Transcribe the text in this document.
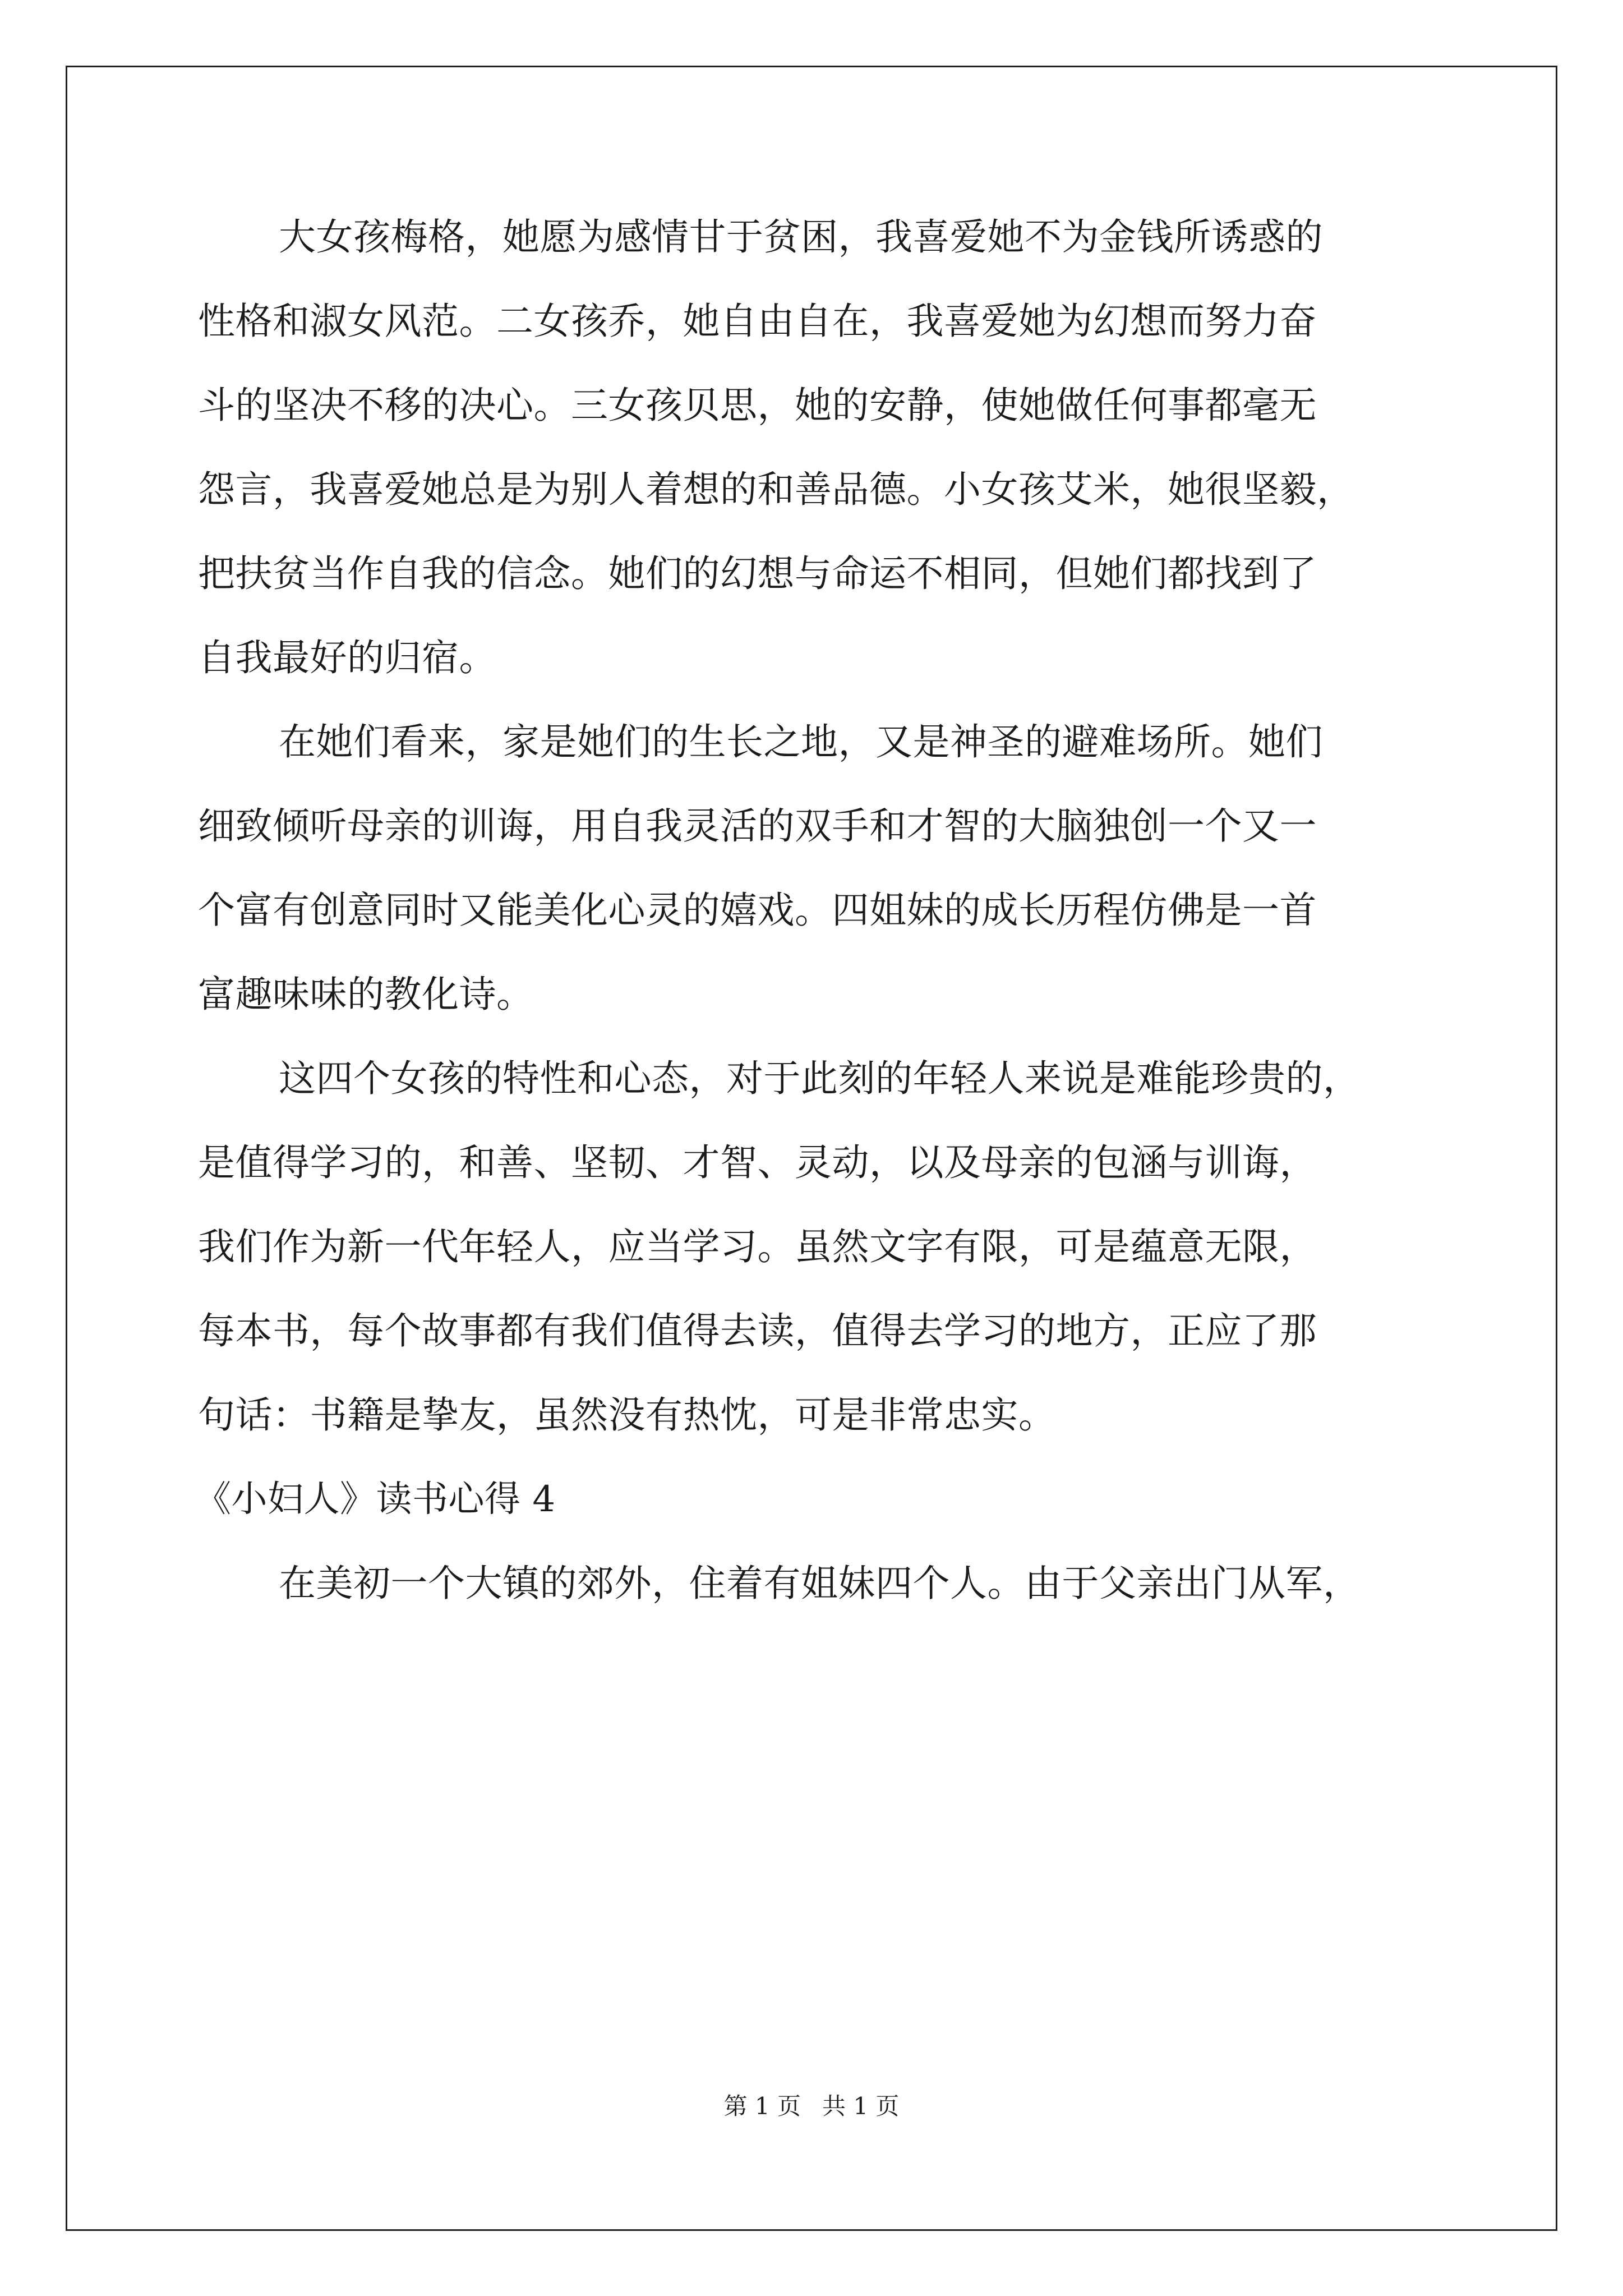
大女孩梅格，她愿为感情甘于贫困，我喜爱她不为金钱所诱惑的
性格和淑女风范。二女孩乔，她自由自在，我喜爱她为幻想而努力奋
斗的坚决不移的决心。三女孩贝思，她的安静，使她做任何事都毫无
怨言，我喜爱她总是为别人着想的和善品德。小女孩艾米，她很坚毅，
把扶贫当作自我的信念。她们的幻想与命运不相同，但她们都找到了
自我最好的归宿。
在她们看来，家是她们的生长之地，又是神圣的避难场所。她们
细致倾听母亲的训诲，用自我灵活的双手和才智的大脑独创一个又一
个富有创意同时又能美化心灵的嬉戏。四姐妹的成长历程仿佛是一首
富趣味味的教化诗。
这四个女孩的特性和心态，对于此刻的年轻人来说是难能珍贵的，
是值得学习的，和善、坚韧、才智、灵动，以及母亲的包涵与训诲，
我们作为新一代年轻人，应当学习。虽然文字有限，可是蕴意无限，
每本书，每个故事都有我们值得去读，值得去学习的地方，正应了那
句话：书籍是挚友，虽然没有热忱，可是非常忠实。
《小妇人》读书心得 4
在美初一个大镇的郊外，住着有姐妹四个人。由于父亲出门从军，
第 1 页 共 1 页
